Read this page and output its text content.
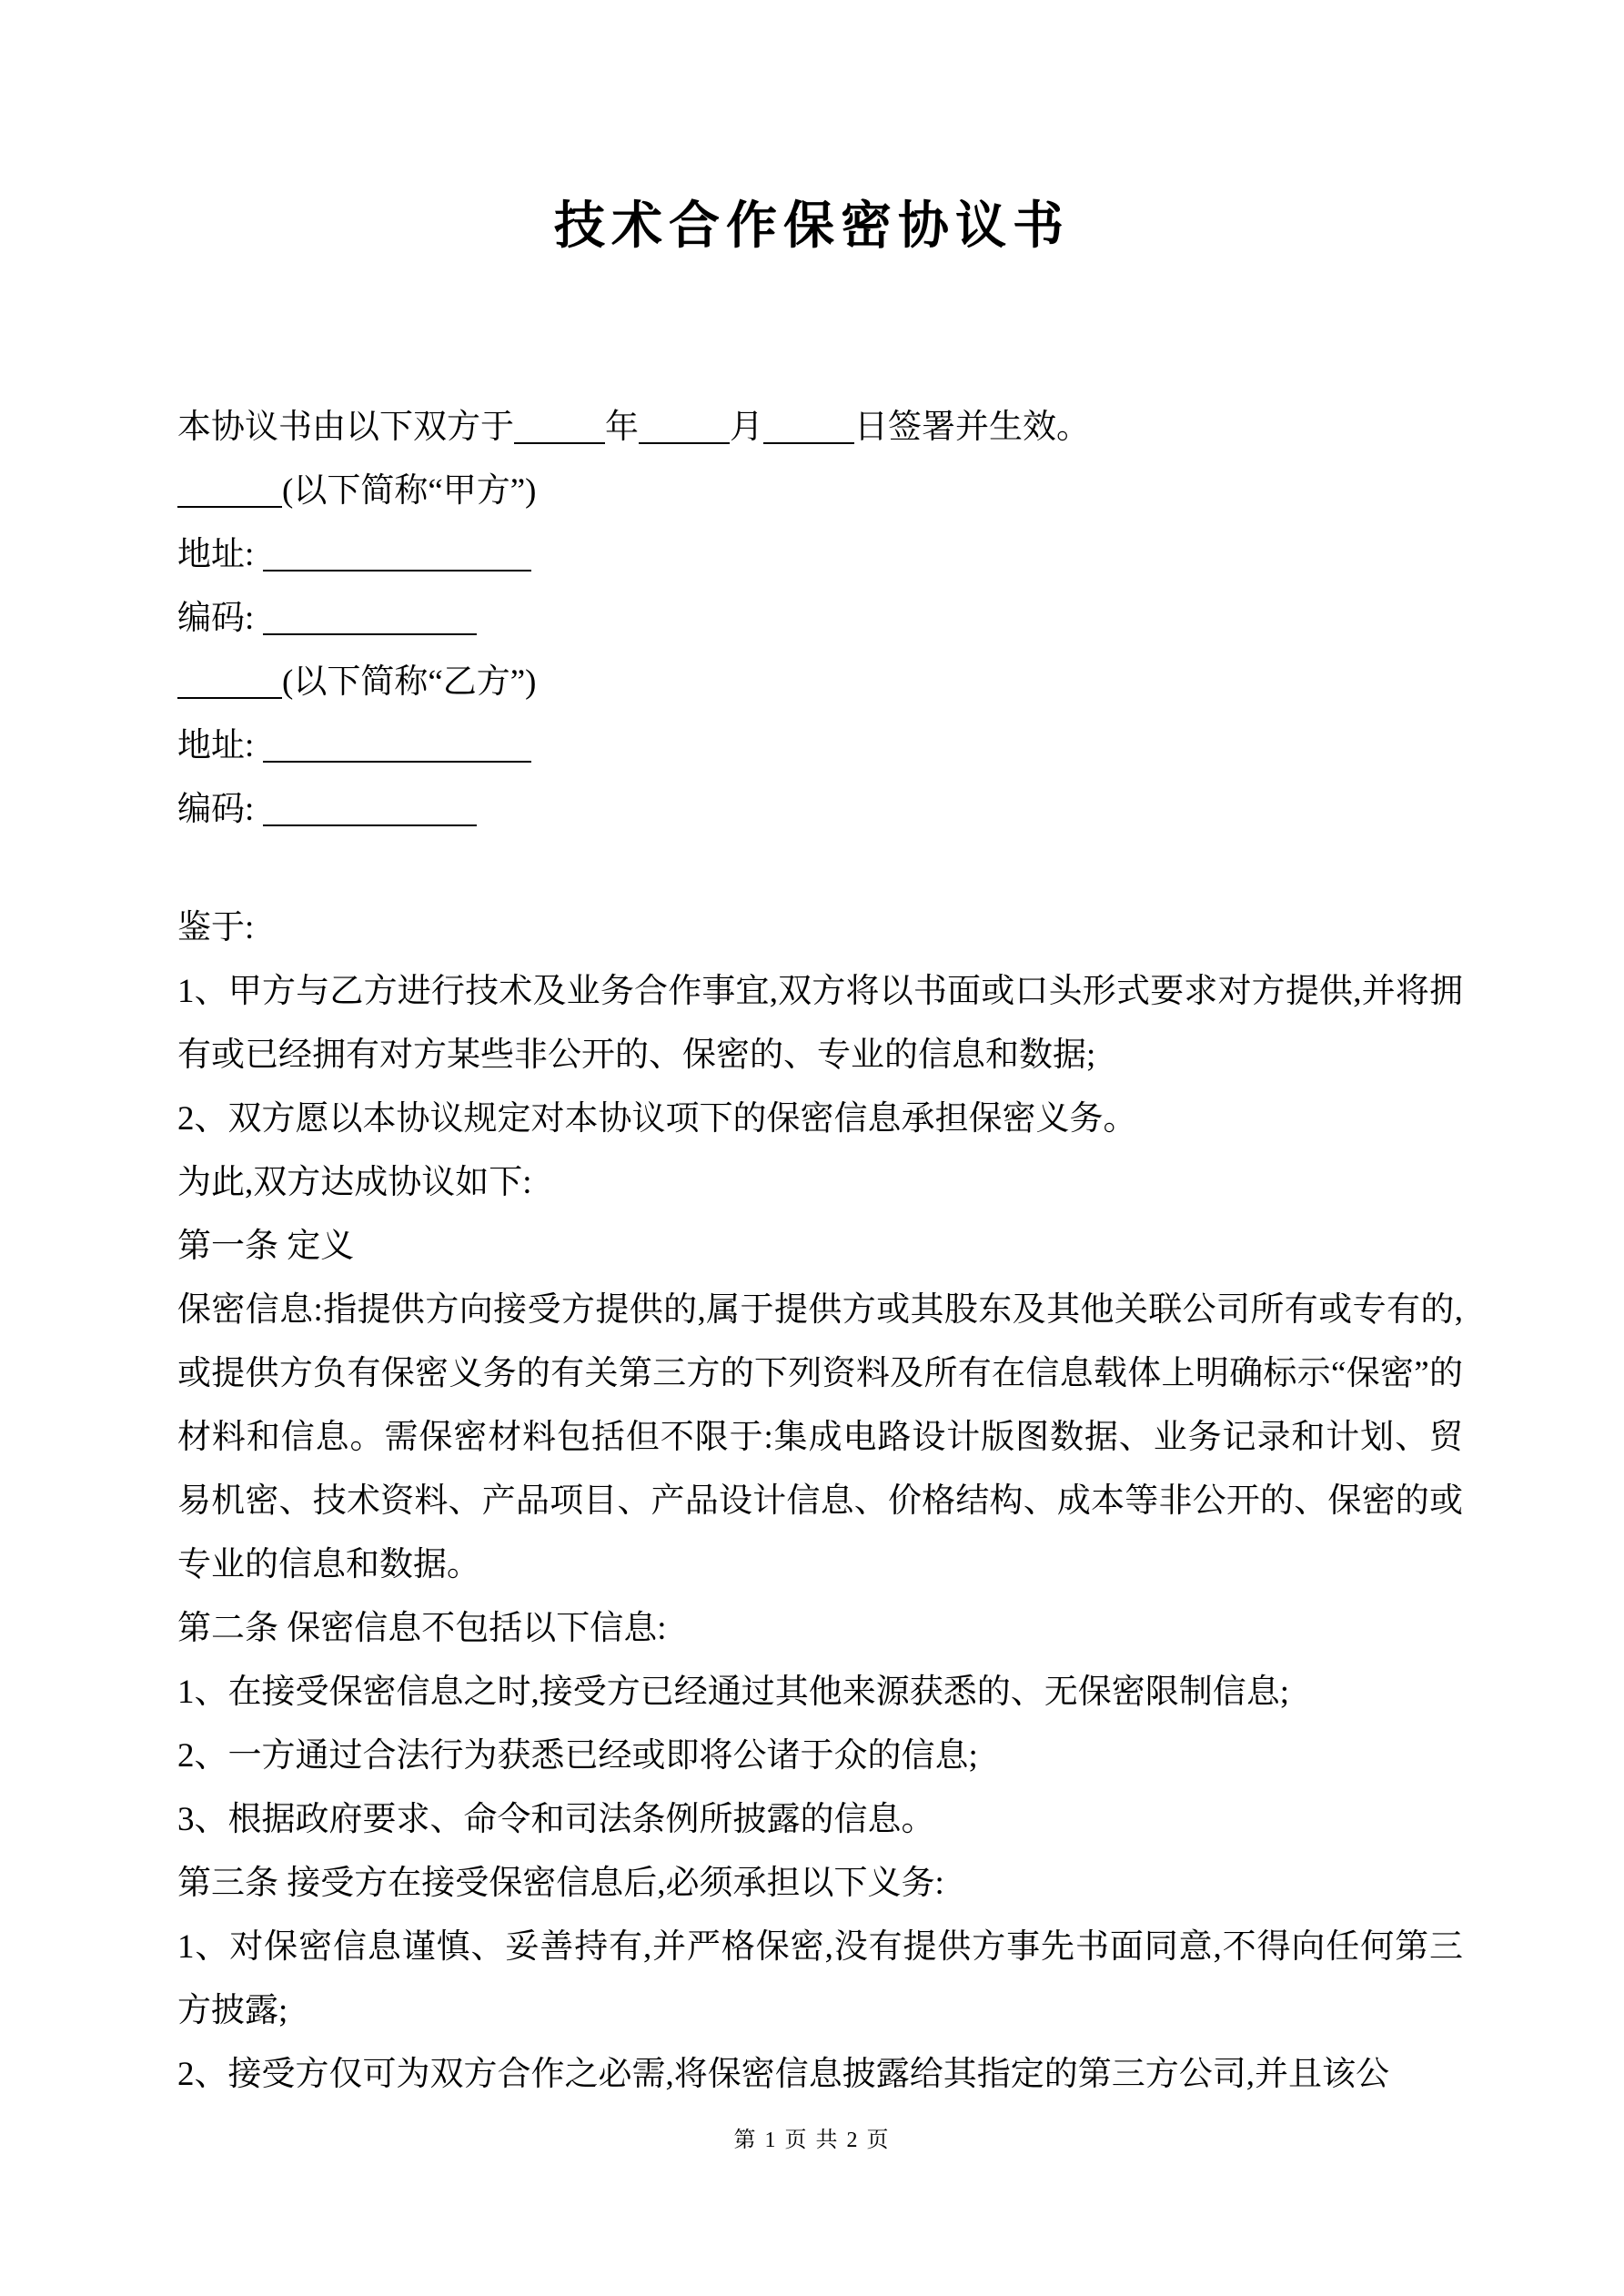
技术合作保密协议书

本协议书由以下双方于	年	月	日签署并生效。

(以下简称“甲方”)

地址:

编码:

(以下简称“乙方”)

地址:

编码:

鉴于:

1、甲方与乙方进行技术及业务合作事宜,双方将以书面或口头形式要求对方提供,并将拥有或已经拥有对方某些非公开的、保密的、专业的信息和数据;

2、双方愿以本协议规定对本协议项下的保密信息承担保密义务。

为此,双方达成协议如下:

第一条 定义

保密信息:指提供方向接受方提供的,属于提供方或其股东及其他关联公司所有或专有的,或提供方负有保密义务的有关第三方的下列资料及所有在信息载体上明确标示“保密”的材料和信息。需保密材料包括但不限于:集成电路设计版图数据、业务记录和计划、贸易机密、技术资料、产品项目、产品设计信息、价格结构、成本等非公开的、保密的或专业的信息和数据。

第二条 保密信息不包括以下信息:

1、在接受保密信息之时,接受方已经通过其他来源获悉的、无保密限制信息;

2、一方通过合法行为获悉已经或即将公诸于众的信息;

3、根据政府要求、命令和司法条例所披露的信息。

第三条 接受方在接受保密信息后,必须承担以下义务:

1、对保密信息谨慎、妥善持有,并严格保密,没有提供方事先书面同意,不得向任何第三方披露;

2、接受方仅可为双方合作之必需,将保密信息披露给其指定的第三方公司,并且该公

第 1 页 共 2 页
